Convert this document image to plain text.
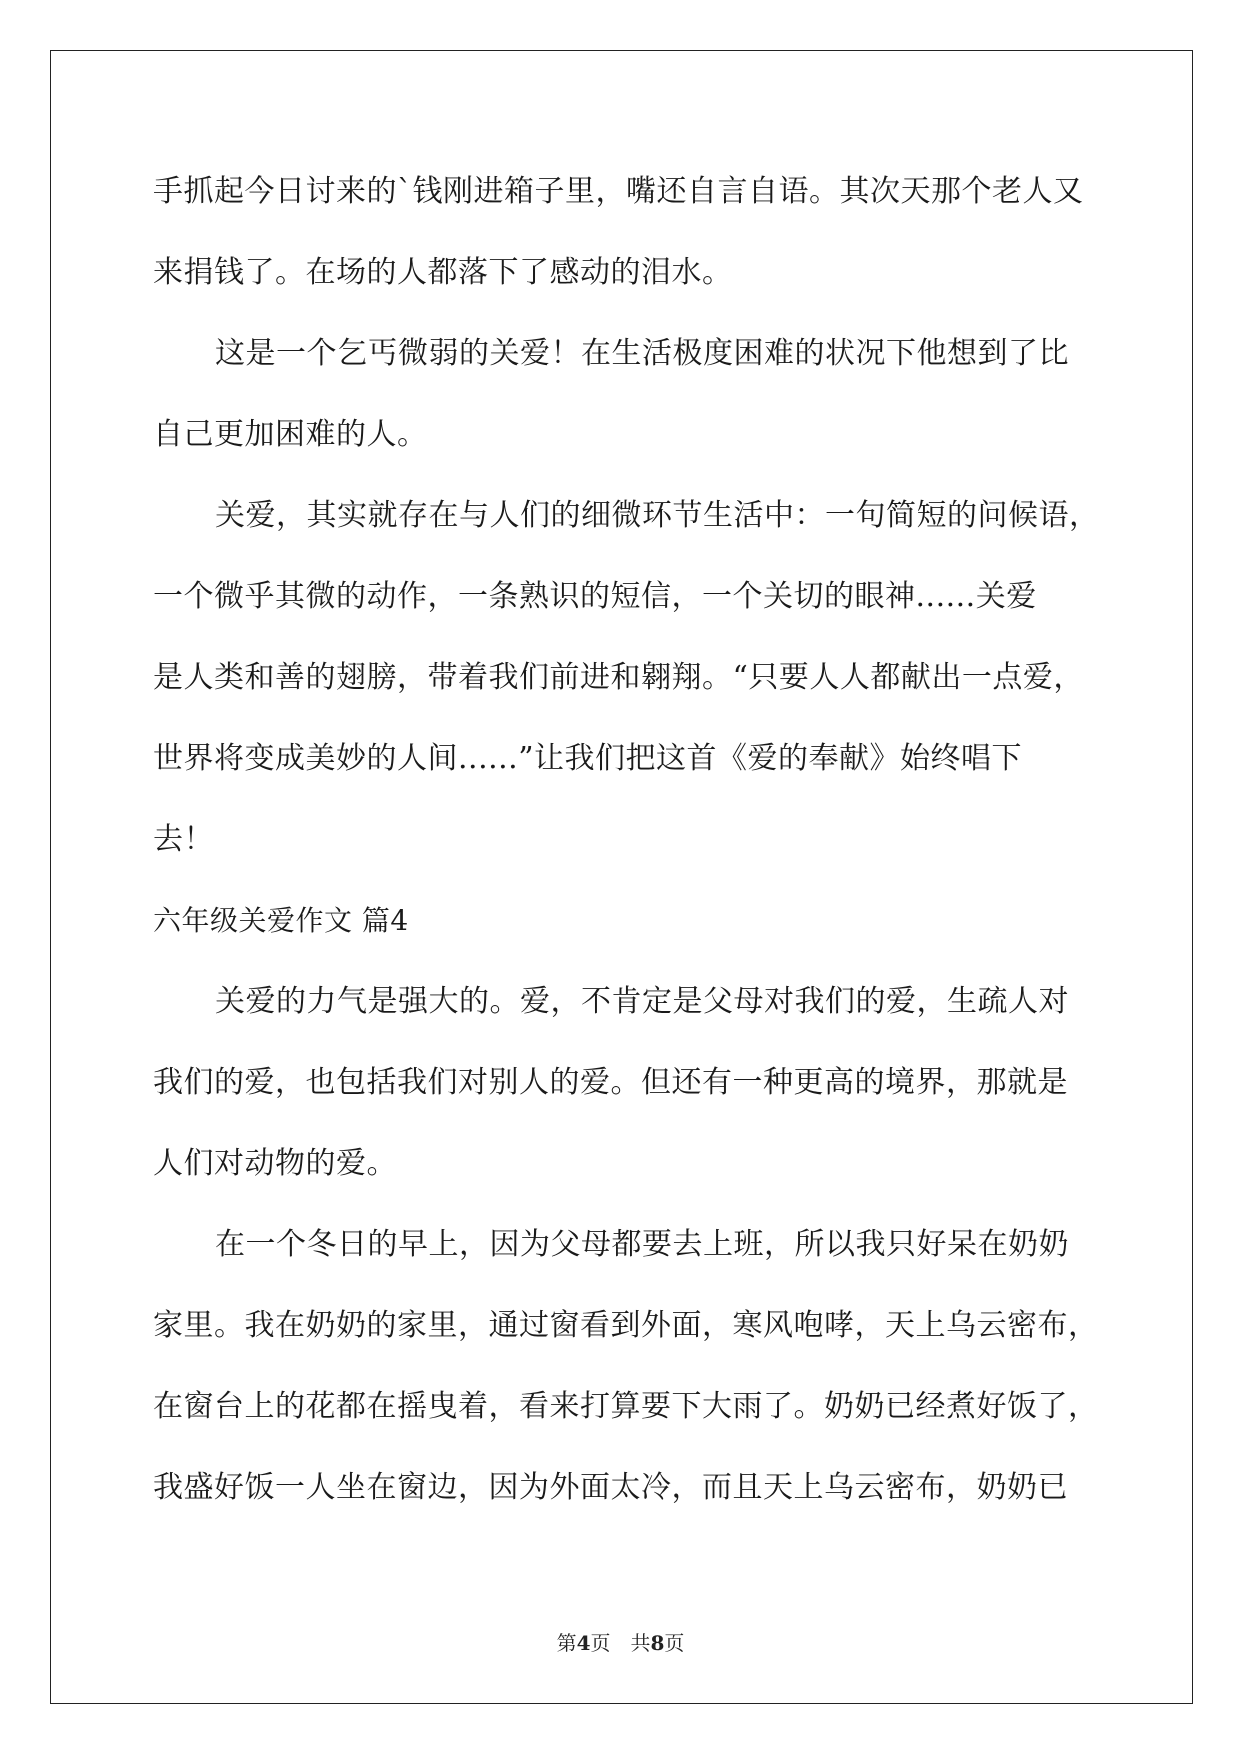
手抓起今日讨来的`钱刚进箱子里，嘴还自言自语。其次天那个老人又
来捐钱了。在场的人都落下了感动的泪水。
这是一个乞丐微弱的关爱！在生活极度困难的状况下他想到了比
自己更加困难的人。
关爱，其实就存在与人们的细微环节生活中：一句简短的问候语，
一个微乎其微的动作，一条熟识的短信，一个关切的眼神......关爱
是人类和善的翅膀，带着我们前进和翱翔。“只要人人都献出一点爱，
世界将变成美妙的人间......”让我们把这首《爱的奉献》始终唱下
去！
六年级关爱作文 篇4
关爱的力气是强大的。爱，不肯定是父母对我们的爱，生疏人对
我们的爱，也包括我们对别人的爱。但还有一种更高的境界，那就是
人们对动物的爱。
在一个冬日的早上，因为父母都要去上班，所以我只好呆在奶奶
家里。我在奶奶的家里，通过窗看到外面，寒风咆哮，天上乌云密布，
在窗台上的花都在摇曳着，看来打算要下大雨了。奶奶已经煮好饭了，
我盛好饭一人坐在窗边，因为外面太冷，而且天上乌云密布，奶奶已
第4页　共8页
